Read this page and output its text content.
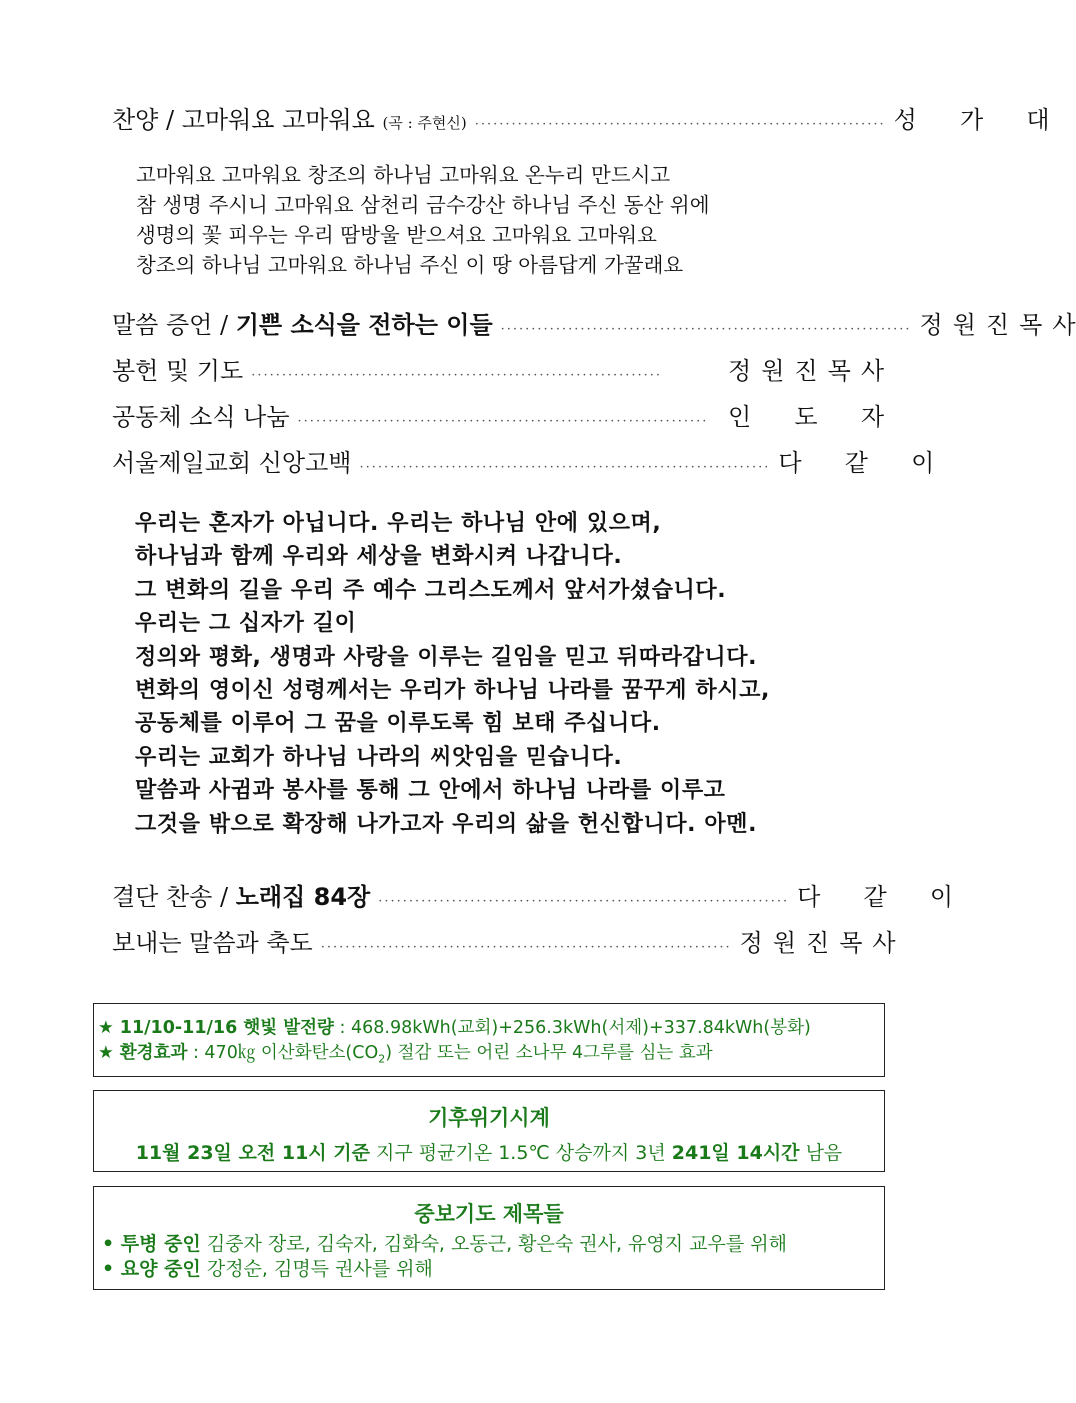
찬양 / 고마워요 고마워요 (곡 : 주현신) ··································································· 성 가 대
고마워요 고마워요 창조의 하나님 고마워요 온누리 만드시고
참 생명 주시니 고마워요 삼천리 금수강산 하나님 주신 동산 위에
생명의 꽃 피우는 우리 땀방울 받으셔요 고마워요 고마워요
창조의 하나님 고마워요 하나님 주신 이 땅 아름답게 가꿀래요
말씀 증언 / 기쁜 소식을 전하는 이들 ··································································· 정 원 진 목 사
봉헌 및 기도 ···································································	정 원 진 목 사
공동체 소식 나눔 ··································································· 인 도 자
서울제일교회 신앙고백 ··································································· 다 같 이
우리는 혼자가 아닙니다. 우리는 하나님 안에 있으며,
하나님과 함께 우리와 세상을 변화시켜 나갑니다.
그 변화의 길을 우리 주 예수 그리스도께서 앞서가셨습니다.
우리는 그 십자가 길이
정의와 평화, 생명과 사랑을 이루는 길임을 믿고 뒤따라갑니다.
변화의 영이신 성령께서는 우리가 하나님 나라를 꿈꾸게 하시고,
공동체를 이루어 그 꿈을 이루도록 힘 보태 주십니다.
우리는 교회가 하나님 나라의 씨앗임을 믿습니다.
말씀과 사귐과 봉사를 통해 그 안에서 하나님 나라를 이루고
그것을 밖으로 확장해 나가고자 우리의 삶을 헌신합니다. 아멘.
결단 찬송 / 노래집 84장 ··································································· 다 같 이
보내는 말씀과 축도 ··································································· 정 원 진 목 사
★ 11/10-11/16 햇빛 발전량 : 468.98kWh(교회)+256.3kWh(서제)+337.84kWh(봉화)
★ 환경효과 : 470㎏ 이산화탄소$(CO_2)$ 절감 또는 어린 소나무 4그루를 심는 효과
기후위기시계
11월 23일 오전 11시 기준 지구 평균기온 1.5℃ 상승까지 3년 241일 14시간 남음
중보기도 제목들
• 투병 중인 김중자 장로, 김숙자, 김화숙, 오동근, 황은숙 권사, 유영지 교우를 위해
• 요양 중인 강정순, 김명득 권사를 위해
